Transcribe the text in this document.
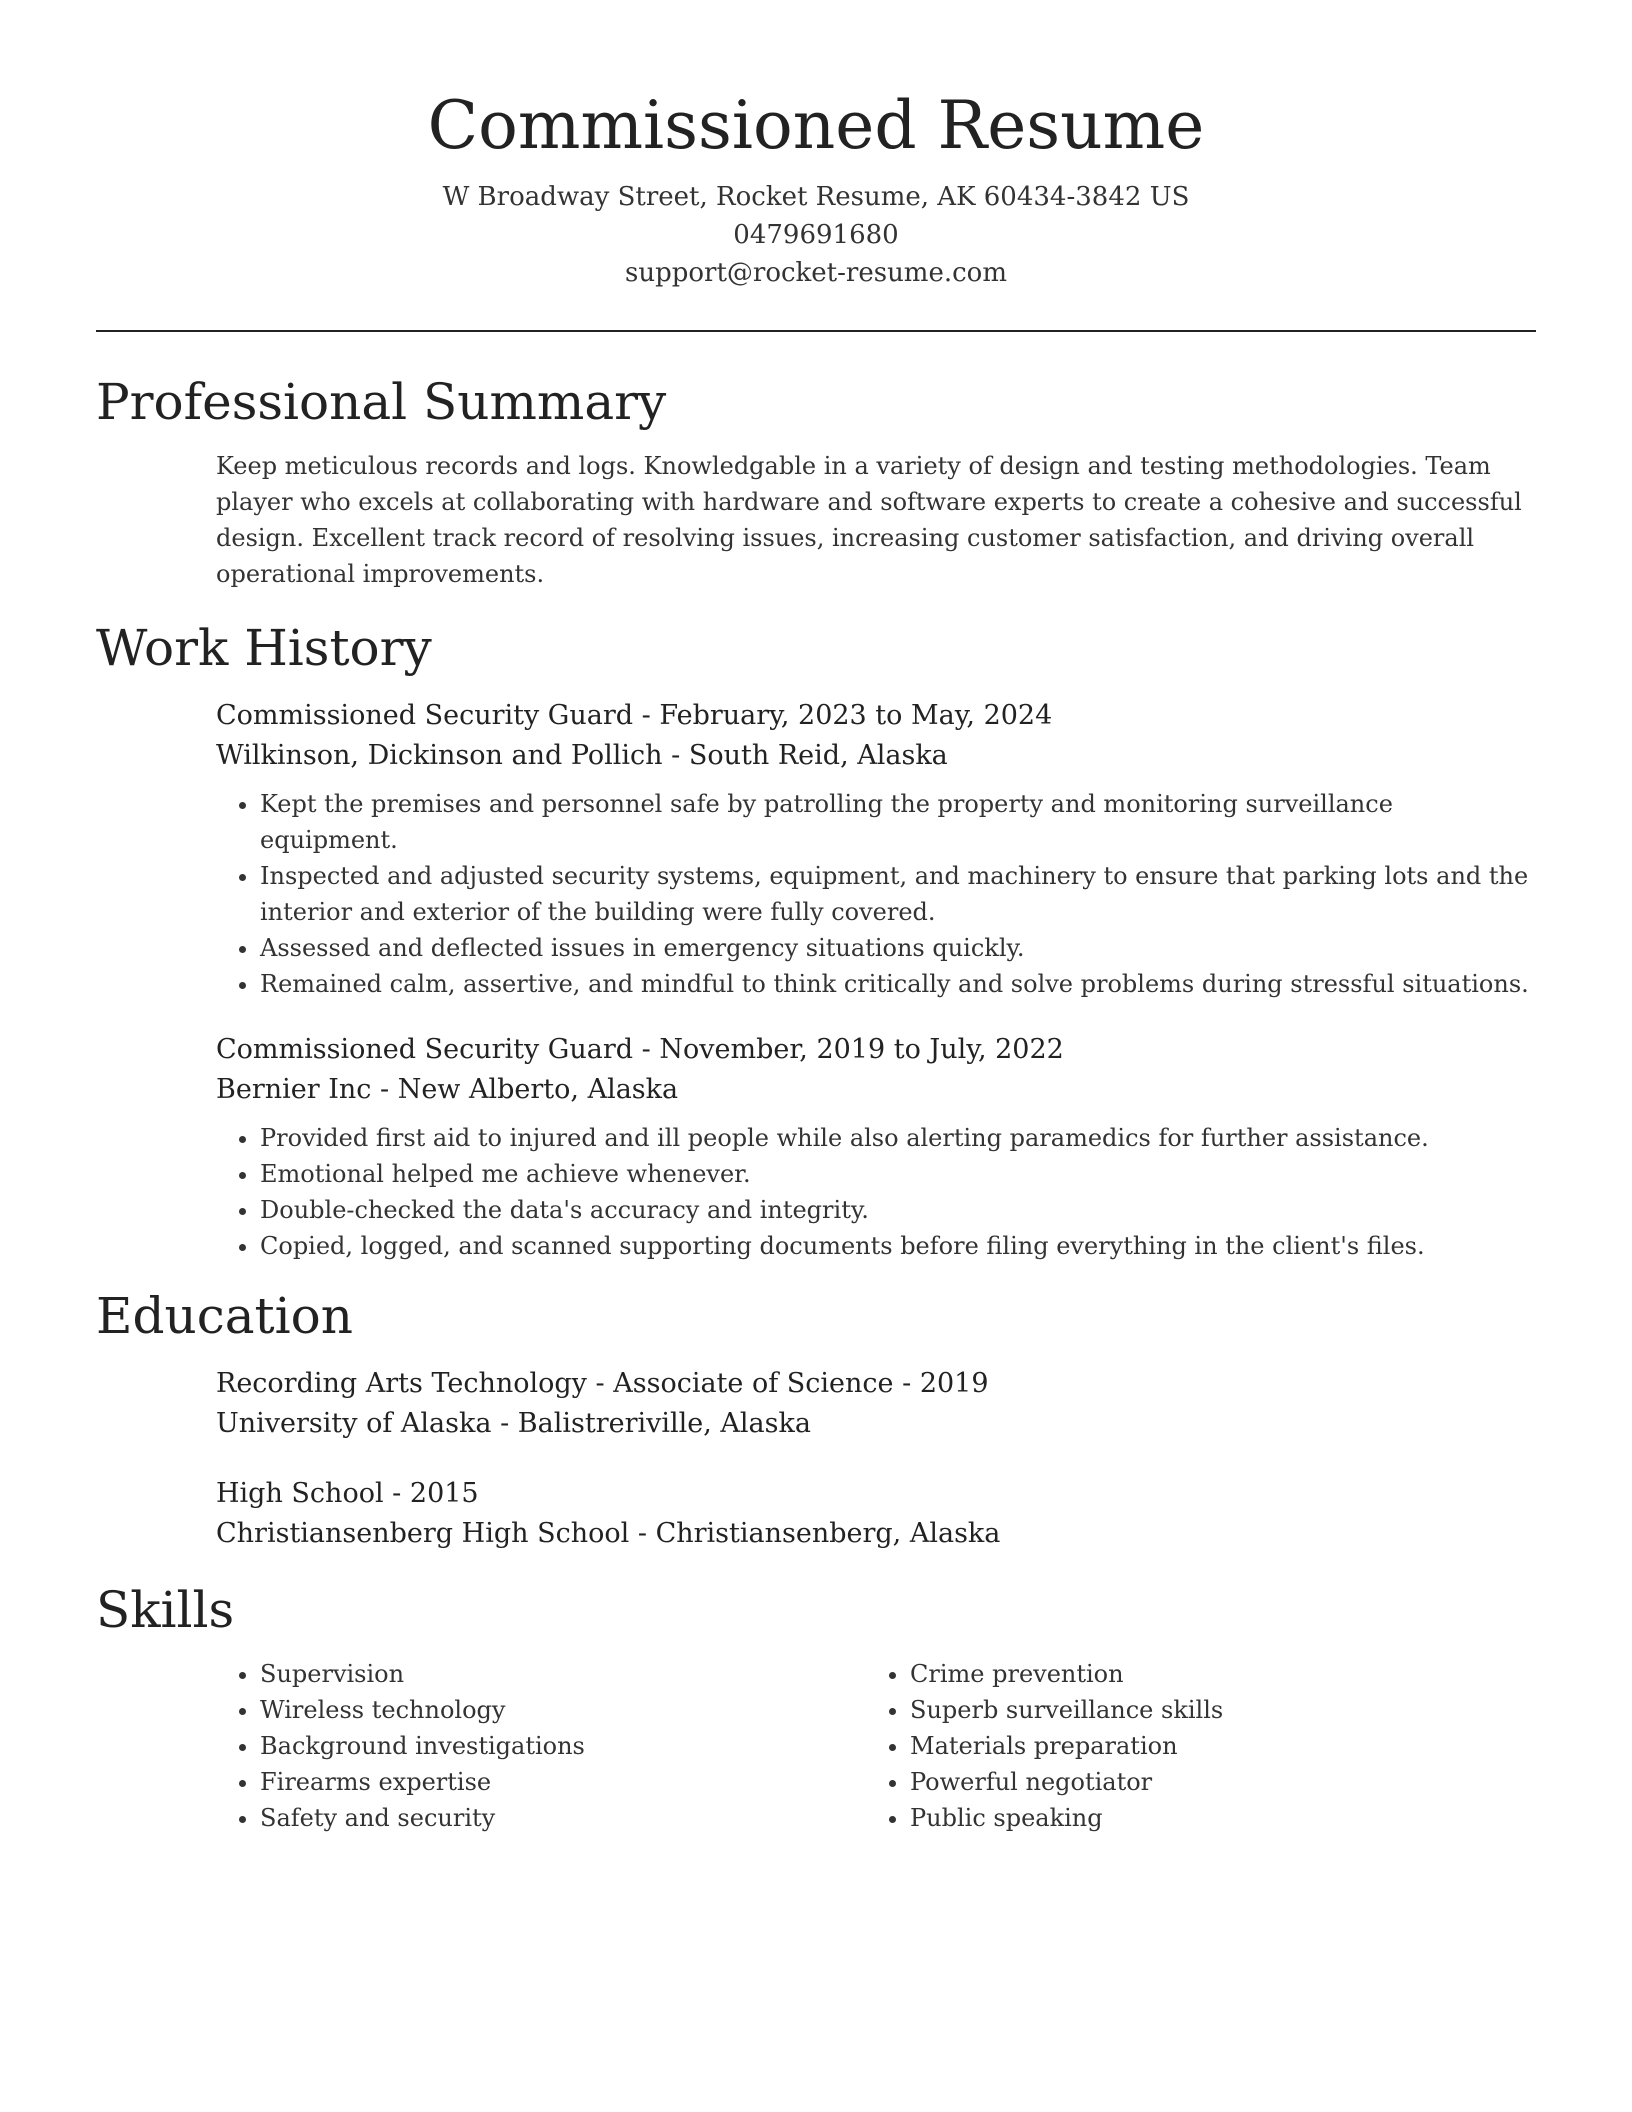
Commissioned Resume
W Broadway Street, Rocket Resume, AK 60434-3842 US
0479691680
support@rocket-resume.com
Professional Summary
Keep meticulous records and logs. Knowledgable in a variety of design and testing methodologies. Team player who excels at collaborating with hardware and software experts to create a cohesive and successful design. Excellent track record of resolving issues, increasing customer satisfaction, and driving overall operational improvements.
Work History
Commissioned Security Guard - February, 2023 to May, 2024
Wilkinson, Dickinson and Pollich - South Reid, Alaska
• Kept the premises and personnel safe by patrolling the property and monitoring surveillance equipment.
• Inspected and adjusted security systems, equipment, and machinery to ensure that parking lots and the interior and exterior of the building were fully covered.
• Assessed and deflected issues in emergency situations quickly.
• Remained calm, assertive, and mindful to think critically and solve problems during stressful situations.
Commissioned Security Guard - November, 2019 to July, 2022
Bernier Inc - New Alberto, Alaska
• Provided first aid to injured and ill people while also alerting paramedics for further assistance.
• Emotional helped me achieve whenever.
• Double-checked the data's accuracy and integrity.
• Copied, logged, and scanned supporting documents before filing everything in the client's files.
Education
Recording Arts Technology - Associate of Science - 2019
University of Alaska - Balistreriville, Alaska
High School - 2015
Christiansenberg High School - Christiansenberg, Alaska
Skills
• Supervision
• Wireless technology
• Background investigations
• Firearms expertise
• Safety and security
• Crime prevention
• Superb surveillance skills
• Materials preparation
• Powerful negotiator
• Public speaking
